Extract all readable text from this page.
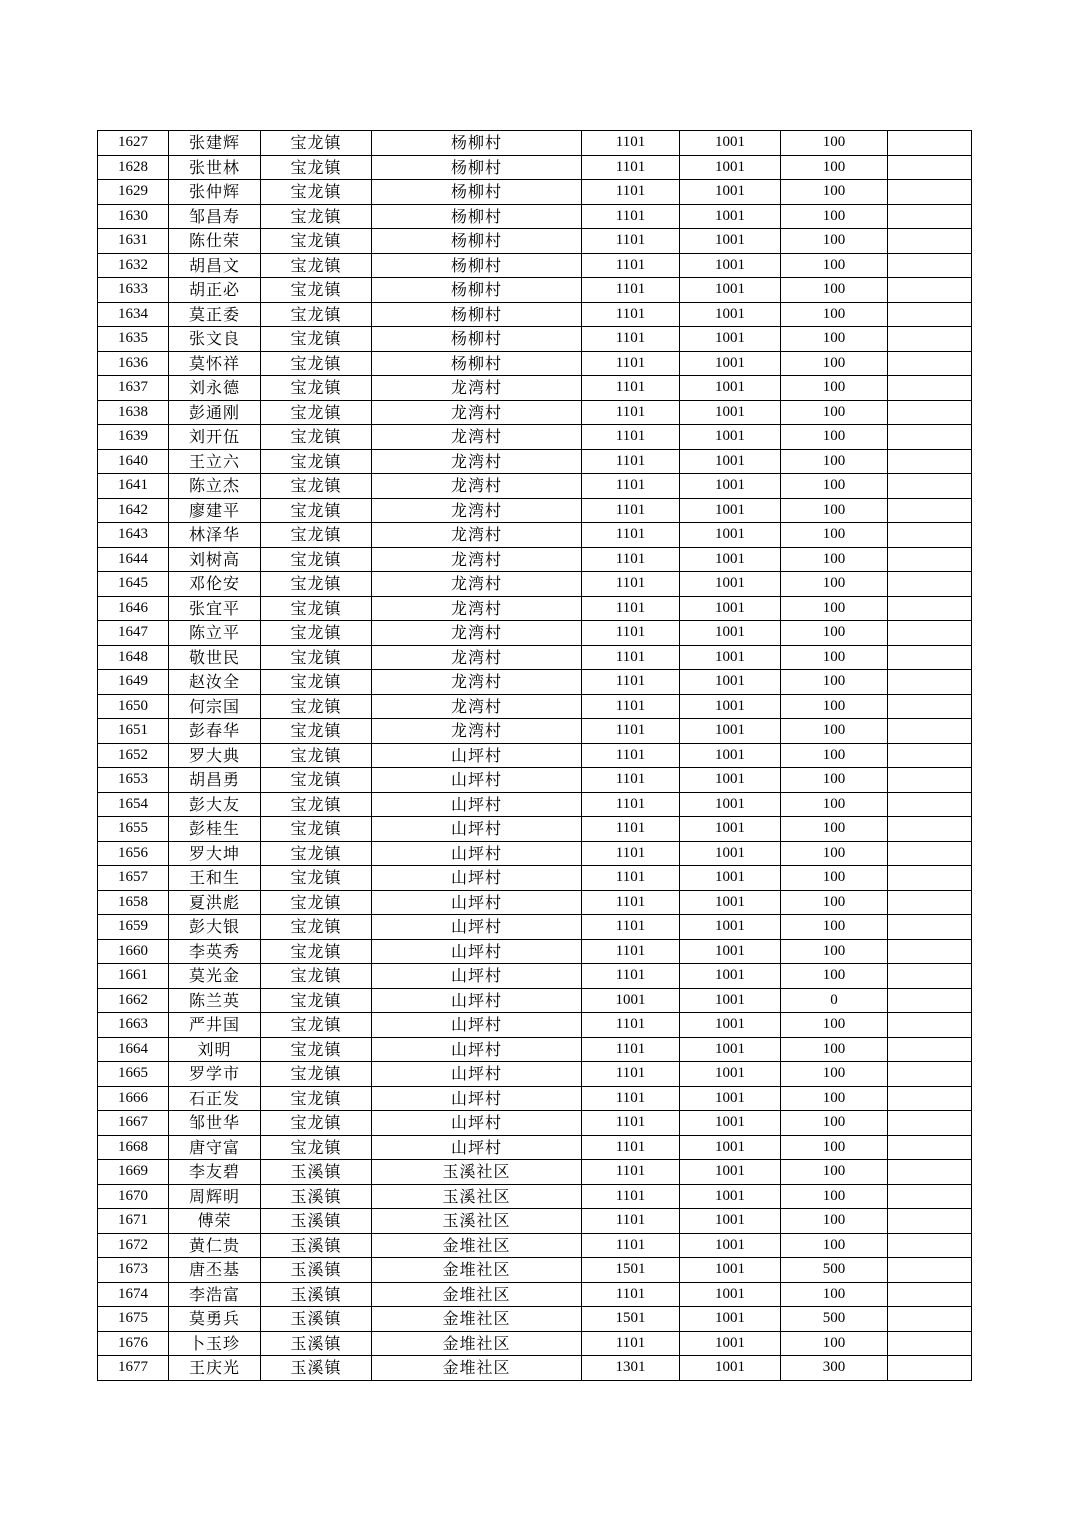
1627	张建辉	宝龙镇	杨柳村	1101	1001	100	
1628	张世林	宝龙镇	杨柳村	1101	1001	100	
1629	张仲辉	宝龙镇	杨柳村	1101	1001	100	
1630	邹昌寿	宝龙镇	杨柳村	1101	1001	100	
1631	陈仕荣	宝龙镇	杨柳村	1101	1001	100	
1632	胡昌文	宝龙镇	杨柳村	1101	1001	100	
1633	胡正必	宝龙镇	杨柳村	1101	1001	100	
1634	莫正委	宝龙镇	杨柳村	1101	1001	100	
1635	张文良	宝龙镇	杨柳村	1101	1001	100	
1636	莫怀祥	宝龙镇	杨柳村	1101	1001	100	
1637	刘永德	宝龙镇	龙湾村	1101	1001	100	
1638	彭通刚	宝龙镇	龙湾村	1101	1001	100	
1639	刘开伍	宝龙镇	龙湾村	1101	1001	100	
1640	王立六	宝龙镇	龙湾村	1101	1001	100	
1641	陈立杰	宝龙镇	龙湾村	1101	1001	100	
1642	廖建平	宝龙镇	龙湾村	1101	1001	100	
1643	林泽华	宝龙镇	龙湾村	1101	1001	100	
1644	刘树高	宝龙镇	龙湾村	1101	1001	100	
1645	邓伦安	宝龙镇	龙湾村	1101	1001	100	
1646	张宜平	宝龙镇	龙湾村	1101	1001	100	
1647	陈立平	宝龙镇	龙湾村	1101	1001	100	
1648	敬世民	宝龙镇	龙湾村	1101	1001	100	
1649	赵汝全	宝龙镇	龙湾村	1101	1001	100	
1650	何宗国	宝龙镇	龙湾村	1101	1001	100	
1651	彭春华	宝龙镇	龙湾村	1101	1001	100	
1652	罗大典	宝龙镇	山坪村	1101	1001	100	
1653	胡昌勇	宝龙镇	山坪村	1101	1001	100	
1654	彭大友	宝龙镇	山坪村	1101	1001	100	
1655	彭桂生	宝龙镇	山坪村	1101	1001	100	
1656	罗大坤	宝龙镇	山坪村	1101	1001	100	
1657	王和生	宝龙镇	山坪村	1101	1001	100	
1658	夏洪彪	宝龙镇	山坪村	1101	1001	100	
1659	彭大银	宝龙镇	山坪村	1101	1001	100	
1660	李英秀	宝龙镇	山坪村	1101	1001	100	
1661	莫光金	宝龙镇	山坪村	1101	1001	100	
1662	陈兰英	宝龙镇	山坪村	1001	1001	0	
1663	严井国	宝龙镇	山坪村	1101	1001	100	
1664	刘明	宝龙镇	山坪村	1101	1001	100	
1665	罗学市	宝龙镇	山坪村	1101	1001	100	
1666	石正发	宝龙镇	山坪村	1101	1001	100	
1667	邹世华	宝龙镇	山坪村	1101	1001	100	
1668	唐守富	宝龙镇	山坪村	1101	1001	100	
1669	李友碧	玉溪镇	玉溪社区	1101	1001	100	
1670	周辉明	玉溪镇	玉溪社区	1101	1001	100	
1671	傅荣	玉溪镇	玉溪社区	1101	1001	100	
1672	黄仁贵	玉溪镇	金堆社区	1101	1001	100	
1673	唐丕基	玉溪镇	金堆社区	1501	1001	500	
1674	李浩富	玉溪镇	金堆社区	1101	1001	100	
1675	莫勇兵	玉溪镇	金堆社区	1501	1001	500	
1676	卜玉珍	玉溪镇	金堆社区	1101	1001	100	
1677	王庆光	玉溪镇	金堆社区	1301	1001	300	
